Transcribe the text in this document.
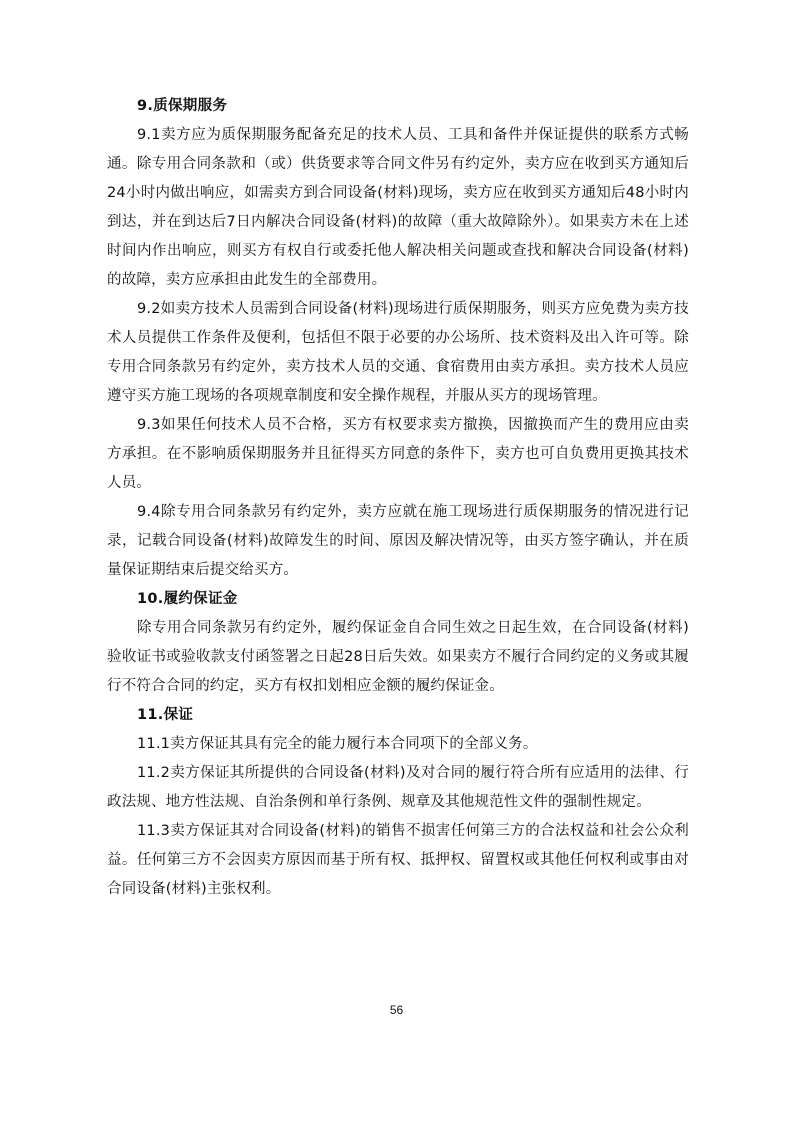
9.质保期服务

9.1卖方应为质保期服务配备充足的技术人员、工具和备件并保证提供的联系方式畅通。除专用合同条款和（或）供货要求等合同文件另有约定外，卖方应在收到买方通知后24小时内做出响应，如需卖方到合同设备(材料)现场，卖方应在收到买方通知后48小时内到达，并在到达后7日内解决合同设备(材料)的故障（重大故障除外）。如果卖方未在上述时间内作出响应，则买方有权自行或委托他人解决相关问题或查找和解决合同设备(材料)的故障，卖方应承担由此发生的全部费用。

9.2如卖方技术人员需到合同设备(材料)现场进行质保期服务，则买方应免费为卖方技术人员提供工作条件及便利，包括但不限于必要的办公场所、技术资料及出入许可等。除专用合同条款另有约定外，卖方技术人员的交通、食宿费用由卖方承担。卖方技术人员应遵守买方施工现场的各项规章制度和安全操作规程，并服从买方的现场管理。

9.3如果任何技术人员不合格，买方有权要求卖方撤换，因撤换而产生的费用应由卖方承担。在不影响质保期服务并且征得买方同意的条件下，卖方也可自负费用更换其技术人员。

9.4除专用合同条款另有约定外，卖方应就在施工现场进行质保期服务的情况进行记录，记载合同设备(材料)故障发生的时间、原因及解决情况等，由买方签字确认，并在质量保证期结束后提交给买方。

10.履约保证金

除专用合同条款另有约定外，履约保证金自合同生效之日起生效，在合同设备(材料)验收证书或验收款支付函签署之日起28日后失效。如果卖方不履行合同约定的义务或其履行不符合合同的约定，买方有权扣划相应金额的履约保证金。

11.保证

11.1卖方保证其具有完全的能力履行本合同项下的全部义务。

11.2卖方保证其所提供的合同设备(材料)及对合同的履行符合所有应适用的法律、行政法规、地方性法规、自治条例和单行条例、规章及其他规范性文件的强制性规定。

11.3卖方保证其对合同设备(材料)的销售不损害任何第三方的合法权益和社会公众利益。任何第三方不会因卖方原因而基于所有权、抵押权、留置权或其他任何权利或事由对合同设备(材料)主张权利。

56
